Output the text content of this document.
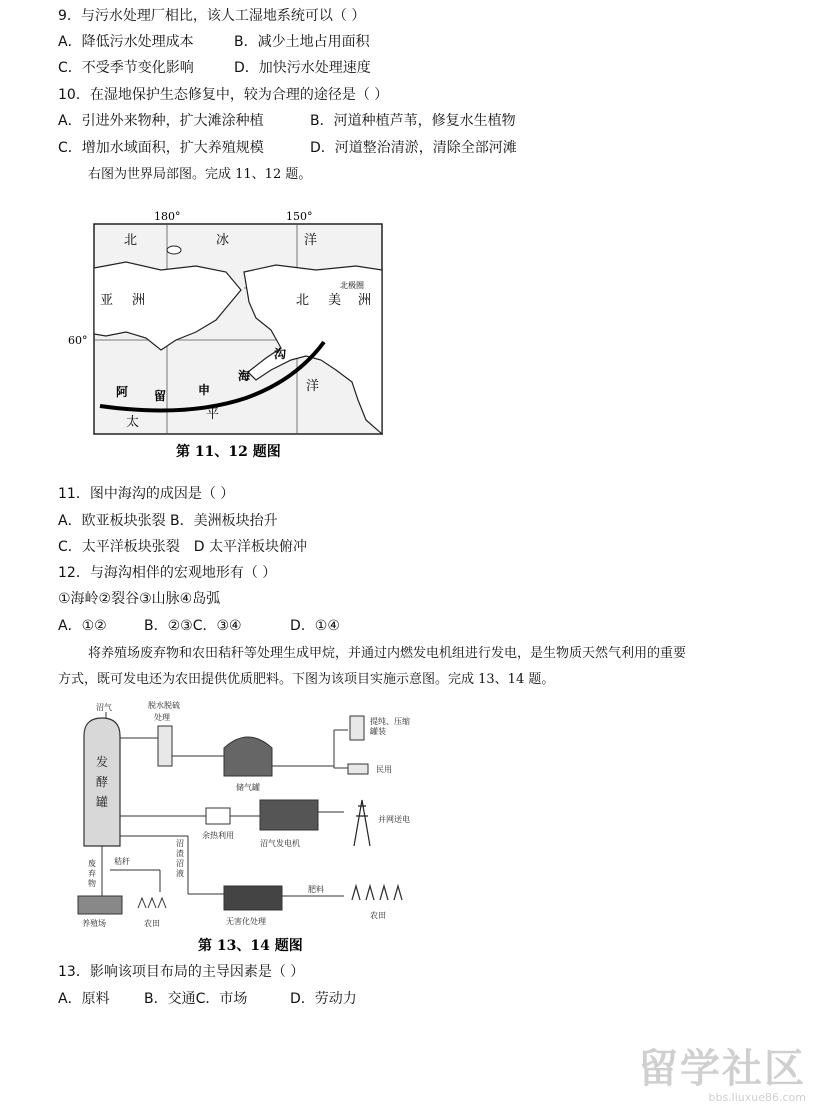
9．与污水处理厂相比，该人工湿地系统可以（ ）
A．降低污水处理成本	B．减少土地占用面积
C．不受季节变化影响	D．加快污水处理速度
10．在湿地保护生态修复中，较为合理的途径是（ ）
A．引进外来物种，扩大滩涂种植	B．河道种植芦苇，修复水生植物
C．增加水域面积，扩大养殖规模	D．河道整治清淤，清除全部河滩
右图为世界局部图。完成 11、12 题。
180°	150°
60°
北	冰	洋
北极圈
亚 洲	北 美 洲
阿 留	申
海
沟
太
平
洋
第 11、12 题图
11．图中海沟的成因是（ ）
A．欧亚板块张裂 B．美洲板块抬升
C．太平洋板块张裂　D 太平洋板块俯冲
12．与海沟相伴的宏观地形有（ ）
①海岭②裂谷③山脉④岛弧
A．①②	B．②③C．③④	D．①④
将养殖场废弃物和农田秸秆等处理生成甲烷，并通过内燃发电机组进行发电，是生物质天然气利用的重要
方式，既可发电还为农田提供优质肥料。下图为该项目实施示意图。完成 13、14 题。
发
酵
罐
沼气	脱水脱硫
处理
储气罐
提纯、压缩
罐装
民用
余热利用
沼气发电机
并网送电
废
弃
物
秸秆
养殖场	农田
沼
渣
沼
液
无害化处理
肥料
农田
第 13、14 题图
13．影响该项目布局的主导因素是（ ）
A．原料 B．交通C．市场	D．劳动力
留学社区
bbs.liuxue86.com
